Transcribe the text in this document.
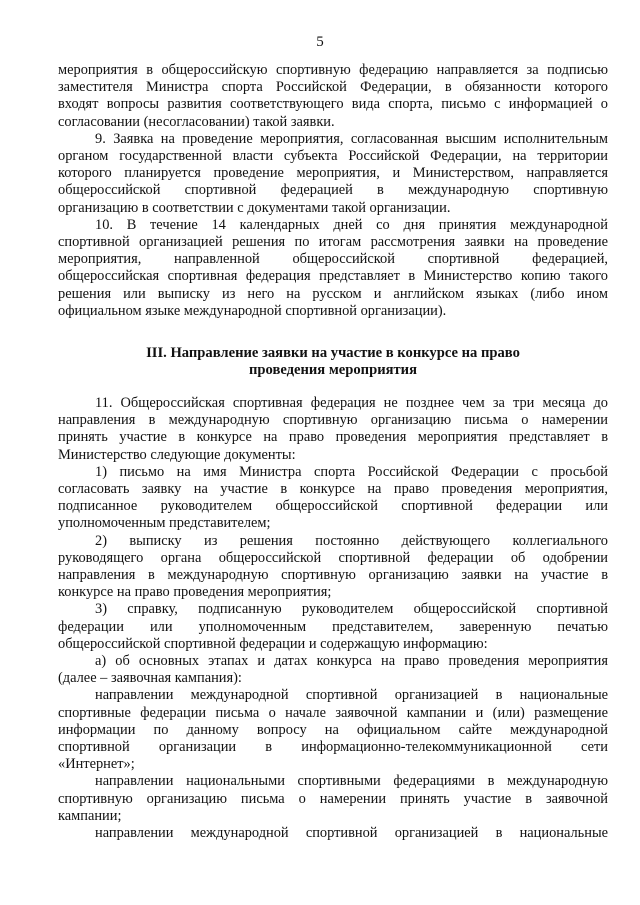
5
мероприятия в общероссийскую спортивную федерацию направляется за подписью
заместителя Министра спорта Российской Федерации, в обязанности которого
входят вопросы развития соответствующего вида спорта, письмо с информацией о
согласовании (несогласовании) такой заявки.
9. Заявка на проведение мероприятия, согласованная высшим исполнительным
органом государственной власти субъекта Российской Федерации, на территории
которого планируется проведение мероприятия, и Министерством, направляется
общероссийской спортивной федерацией в международную спортивную
организацию в соответствии с документами такой организации.
10. В течение 14 календарных дней со дня принятия международной
спортивной организацией решения по итогам рассмотрения заявки на проведение
мероприятия, направленной общероссийской спортивной федерацией,
общероссийская спортивная федерация представляет в Министерство копию такого
решения или выписку из него на русском и английском языках (либо ином
официальном языке международной спортивной организации).
III. Направление заявки на участие в конкурсе на право
проведения мероприятия
11. Общероссийская спортивная федерация не позднее чем за три месяца до
направления в международную спортивную организацию письма о намерении
принять участие в конкурсе на право проведения мероприятия представляет в
Министерство следующие документы:
1) письмо на имя Министра спорта Российской Федерации с просьбой
согласовать заявку на участие в конкурсе на право проведения мероприятия,
подписанное руководителем общероссийской спортивной федерации или
уполномоченным представителем;
2) выписку из решения постоянно действующего коллегиального
руководящего органа общероссийской спортивной федерации об одобрении
направления в международную спортивную организацию заявки на участие в
конкурсе на право проведения мероприятия;
3) справку, подписанную руководителем общероссийской спортивной
федерации или уполномоченным представителем, заверенную печатью
общероссийской спортивной федерации и содержащую информацию:
а) об основных этапах и датах конкурса на право проведения мероприятия
(далее – заявочная кампания):
направлении международной спортивной организацией в национальные
спортивные федерации письма о начале заявочной кампании и (или) размещение
информации по данному вопросу на официальном сайте международной
спортивной организации в информационно-телекоммуникационной сети
«Интернет»;
направлении национальными спортивными федерациями в международную
спортивную организацию письма о намерении принять участие в заявочной
кампании;
направлении международной спортивной организацией в национальные
